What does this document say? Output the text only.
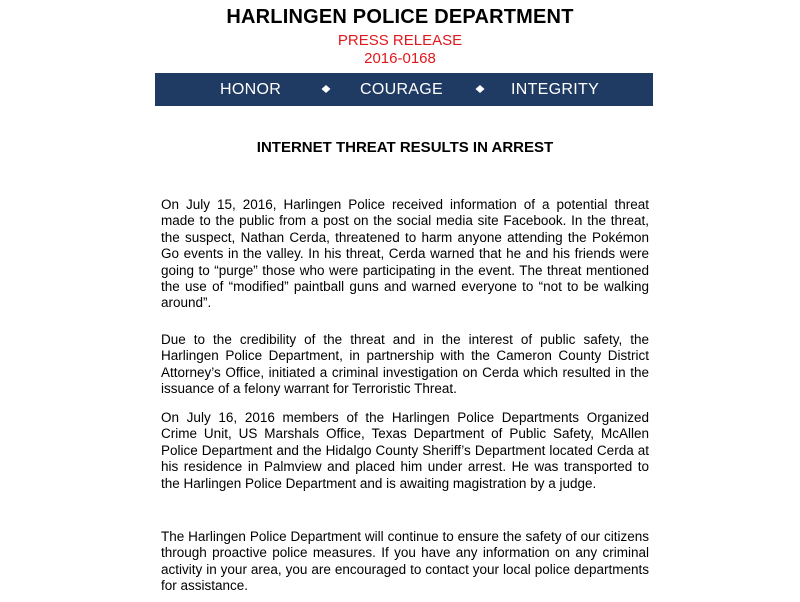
HARLINGEN POLICE DEPARTMENT
PRESS RELEASE
2016-0168
HONOR	COURAGE	INTEGRITY
INTERNET THREAT RESULTS IN ARREST

On July 15, 2016, Harlingen Police received information of a potential threat made to the public from a post on the social media site Facebook. In the threat, the suspect, Nathan Cerda, threatened to harm anyone attending the Pokémon Go events in the valley. In his threat, Cerda warned that he and his friends were going to “purge” those who were participating in the event. The threat mentioned the use of “modified” paintball guns and warned everyone to “not to be walking around”.

Due to the credibility of the threat and in the interest of public safety, the Harlingen Police Department, in partnership with the Cameron County District Attorney’s Office, initiated a criminal investigation on Cerda which resulted in the issuance of a felony warrant for Terroristic Threat.

On July 16, 2016 members of the Harlingen Police Departments Organized Crime Unit, US Marshals Office, Texas Department of Public Safety, McAllen Police Department and the Hidalgo County Sheriff’s Department located Cerda at his residence in Palmview and placed him under arrest. He was transported to the Harlingen Police Department and is awaiting magistration by a judge.

The Harlingen Police Department will continue to ensure the safety of our citizens through proactive police measures. If you have any information on any criminal activity in your area, you are encouraged to contact your local police departments for assistance.
